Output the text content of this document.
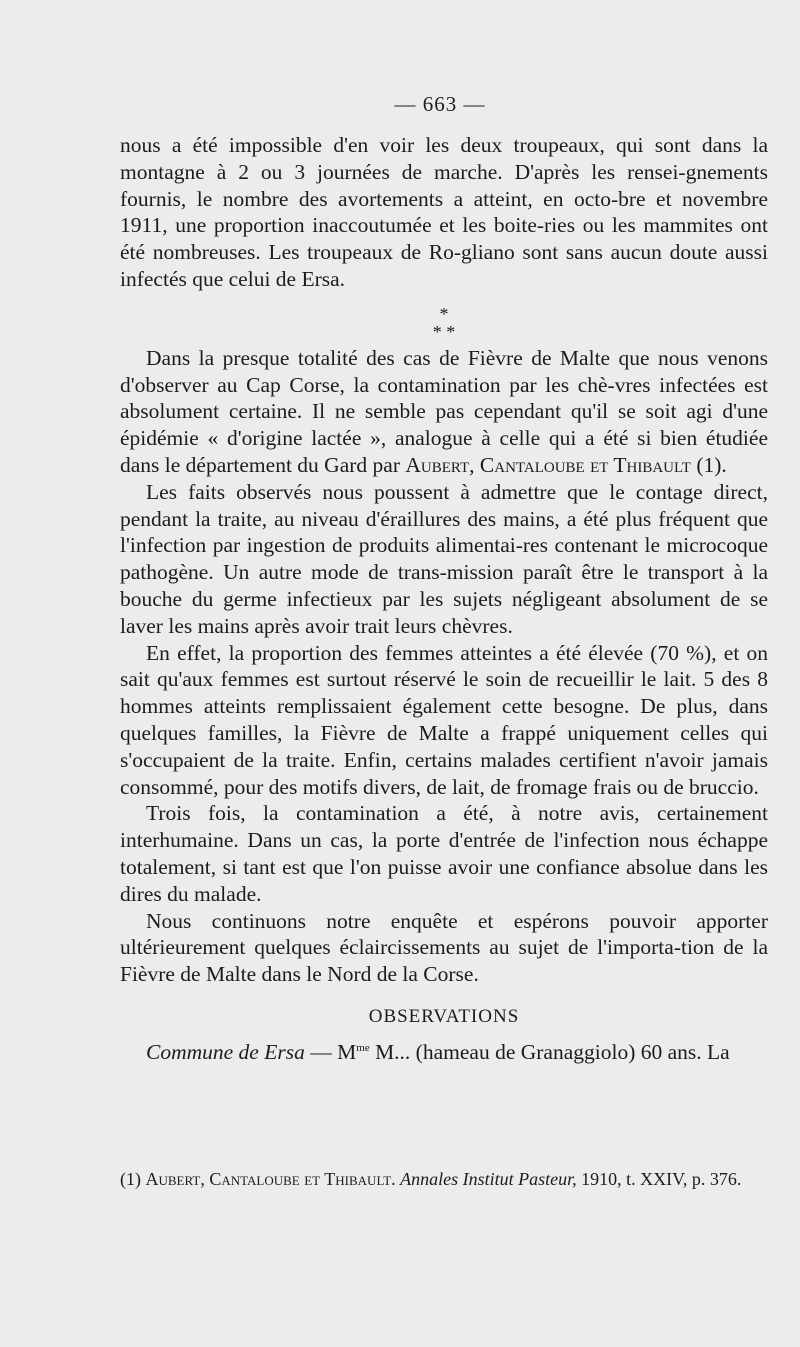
— 663 —

nous a été impossible d'en voir les deux troupeaux, qui sont dans la montagne à 2 ou 3 journées de marche. D'après les rensei-gnements fournis, le nombre des avortements a atteint, en octo-bre et novembre 1911, une proportion inaccoutumée et les boite-ries ou les mammites ont été nombreuses. Les troupeaux de Ro-gliano sont sans aucun doute aussi infectés que celui de Ersa.

*
* *

Dans la presque totalité des cas de Fièvre de Malte que nous venons d'observer au Cap Corse, la contamination par les chè-vres infectées est absolument certaine. Il ne semble pas cependant qu'il se soit agi d'une épidémie « d'origine lactée », analogue à celle qui a été si bien étudiée dans le département du Gard par Aubert, Cantaloube et Thibault (1).

Les faits observés nous poussent à admettre que le contage direct, pendant la traite, au niveau d'éraillures des mains, a été plus fréquent que l'infection par ingestion de produits alimentai-res contenant le microcoque pathogène. Un autre mode de trans-mission paraît être le transport à la bouche du germe infectieux par les sujets négligeant absolument de se laver les mains après avoir trait leurs chèvres.

En effet, la proportion des femmes atteintes a été élevée (70 %), et on sait qu'aux femmes est surtout réservé le soin de recueillir le lait. 5 des 8 hommes atteints remplissaient également cette besogne. De plus, dans quelques familles, la Fièvre de Malte a frappé uniquement celles qui s'occupaient de la traite. Enfin, certains malades certifient n'avoir jamais consommé, pour des motifs divers, de lait, de fromage frais ou de bruccio.

Trois fois, la contamination a été, à notre avis, certainement interhumaine. Dans un cas, la porte d'entrée de l'infection nous échappe totalement, si tant est que l'on puisse avoir une confiance absolue dans les dires du malade.

Nous continuons notre enquête et espérons pouvoir apporter ultérieurement quelques éclaircissements au sujet de l'importa-tion de la Fièvre de Malte dans le Nord de la Corse.

OBSERVATIONS

Commune de Ersa — $M^{me}$ M... (hameau de Granaggiolo) 60 ans. La

(1) Aubert, Cantaloube et Thibault. Annales Institut Pasteur, 1910, t. XXIV, p. 376.
